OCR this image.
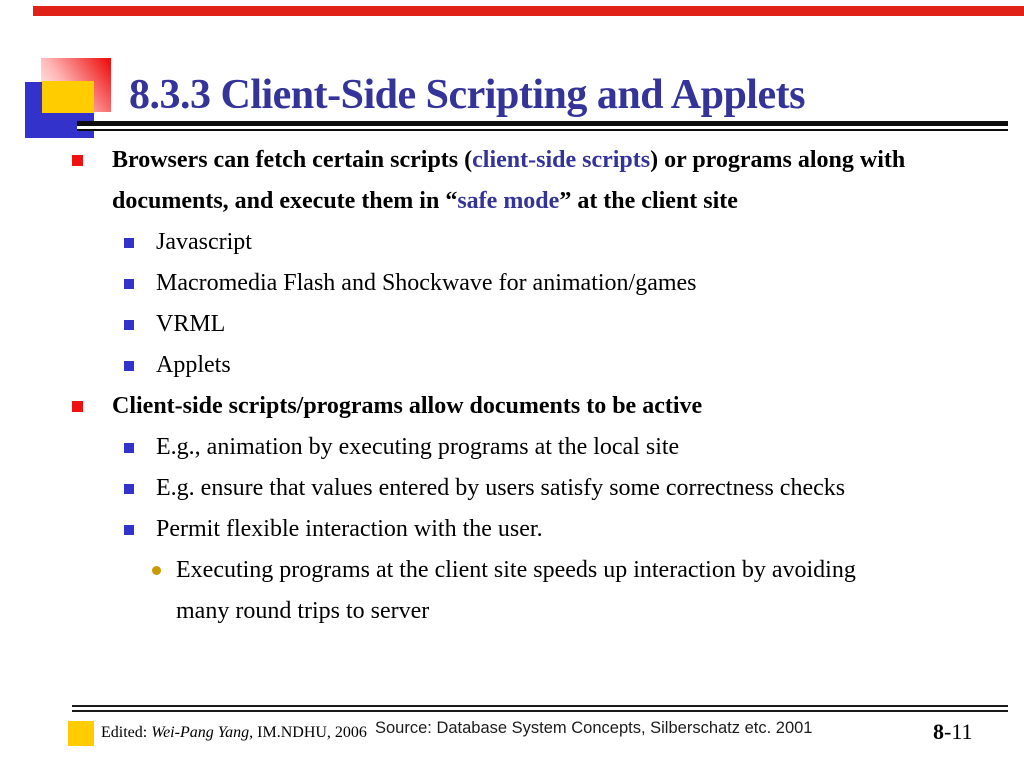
8.3.3 Client-Side Scripting and Applets
Browsers can fetch certain scripts (client-side scripts) or programs along with documents, and execute them in “safe mode” at the client site
Javascript
Macromedia Flash and Shockwave for animation/games
VRML
Applets
Client-side scripts/programs allow documents to be active
E.g., animation by executing programs at the local site
E.g. ensure that values entered by users satisfy some correctness checks
Permit flexible interaction with the user.
Executing programs at the client site speeds up interaction by avoiding many round trips to server
Edited: Wei-Pang Yang, IM.NDHU, 2006 Source: Database System Concepts, Silberschatz etc. 2001	8-11
